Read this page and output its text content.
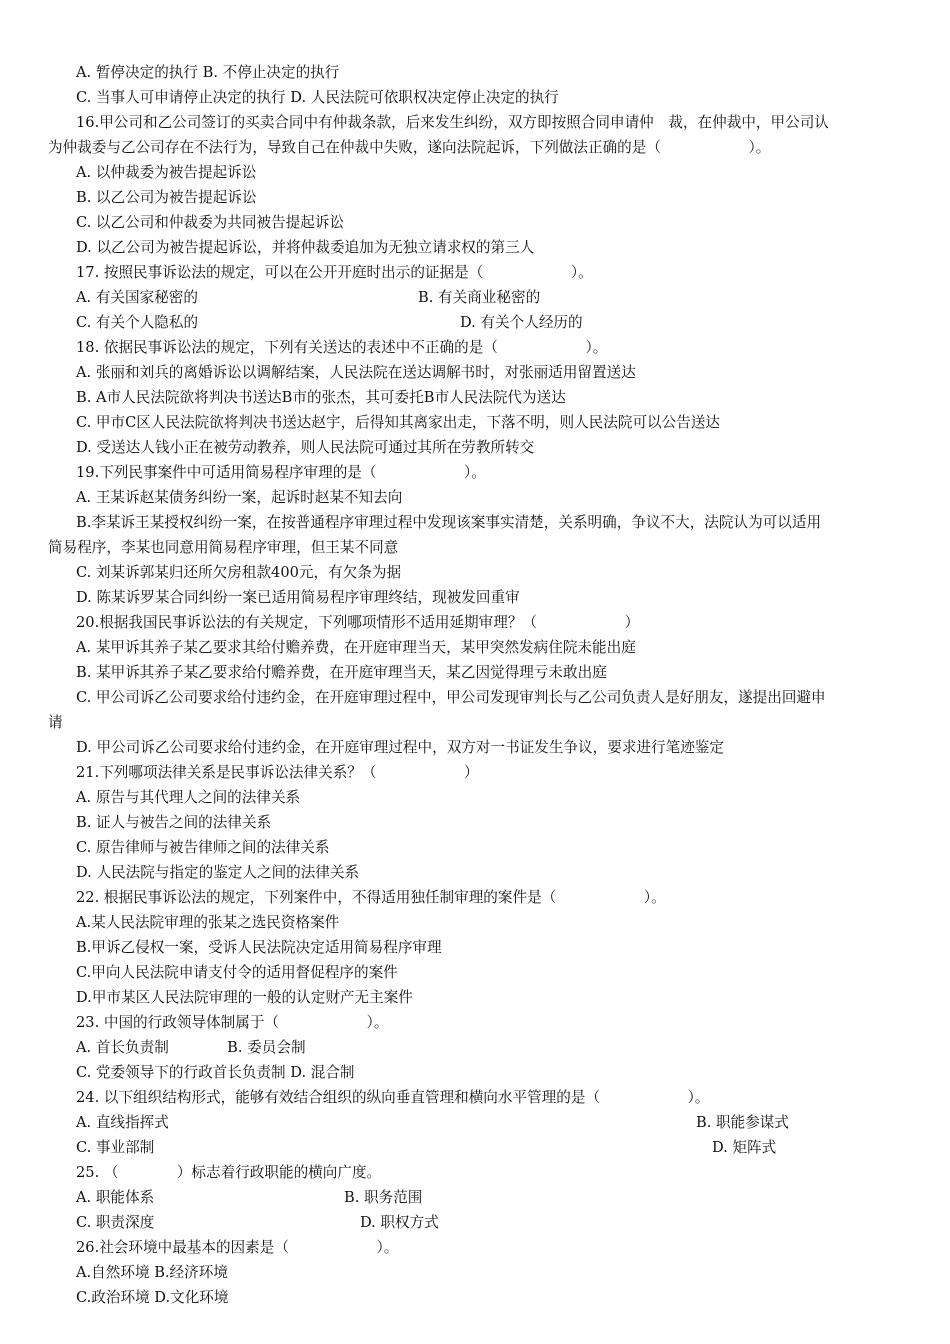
A. 暂停决定的执行 B. 不停止决定的执行
C. 当事人可申请停止决定的执行 D. 人民法院可依职权决定停止决定的执行
16.甲公司和乙公司签订的买卖合同中有仲裁条款，后来发生纠纷，双方即按照合同申请仲　裁，在仲裁中，甲公司认
为仲裁委与乙公司存在不法行为，导致自己在仲裁中失败，遂向法院起诉，下列做法正确的是（　　　　　　）。
A. 以仲裁委为被告提起诉讼
B. 以乙公司为被告提起诉讼
C. 以乙公司和仲裁委为共同被告提起诉讼
D. 以乙公司为被告提起诉讼，并将仲裁委追加为无独立请求权的第三人
17. 按照民事诉讼法的规定，可以在公开开庭时出示的证据是（　　　　　　）。
A. 有关国家秘密的	B. 有关商业秘密的
C. 有关个人隐私的	D. 有关个人经历的
18. 依据民事诉讼法的规定，下列有关送达的表述中不正确的是（　　　　　　）。
A. 张丽和刘兵的离婚诉讼以调解结案，人民法院在送达调解书时，对张丽适用留置送达
B. A市人民法院欲将判决书送达B市的张杰，其可委托B市人民法院代为送达
C. 甲市C区人民法院欲将判决书送达赵宇，后得知其离家出走，下落不明，则人民法院可以公告送达
D. 受送达人钱小正在被劳动教养，则人民法院可通过其所在劳教所转交
19.下列民事案件中可适用简易程序审理的是（　　　　　　）。
A. 王某诉赵某债务纠纷一案，起诉时赵某不知去向
B.李某诉王某授权纠纷一案，在按普通程序审理过程中发现该案事实清楚，关系明确，争议不大，法院认为可以适用
简易程序，李某也同意用简易程序审理，但王某不同意
C. 刘某诉郭某归还所欠房租款400元，有欠条为据
D. 陈某诉罗某合同纠纷一案已适用简易程序审理终结，现被发回重审
20.根据我国民事诉讼法的有关规定，下列哪项情形不适用延期审理？（　　　　　　）
A. 某甲诉其养子某乙要求其给付赡养费，在开庭审理当天，某甲突然发病住院未能出庭
B. 某甲诉其养子某乙要求给付赡养费，在开庭审理当天，某乙因觉得理亏未敢出庭
C. 甲公司诉乙公司要求给付违约金，在开庭审理过程中，甲公司发现审判长与乙公司负责人是好朋友，遂提出回避申
请
D. 甲公司诉乙公司要求给付违约金，在开庭审理过程中，双方对一书证发生争议，要求进行笔迹鉴定
21.下列哪项法律关系是民事诉讼法律关系？（　　　　　　）
A. 原告与其代理人之间的法律关系
B. 证人与被告之间的法律关系
C. 原告律师与被告律师之间的法律关系
D. 人民法院与指定的鉴定人之间的法律关系
22. 根据民事诉讼法的规定，下列案件中，不得适用独任制审理的案件是（　　　　　　）。
A.某人民法院审理的张某之选民资格案件
B.甲诉乙侵权一案，受诉人民法院决定适用简易程序审理
C.甲向人民法院申请支付令的适用督促程序的案件
D.甲市某区人民法院审理的一般的认定财产无主案件
23. 中国的行政领导体制属于（　　　　　　）。
A. 首长负责制　　　　B. 委员会制
C. 党委领导下的行政首长负责制 D. 混合制
24. 以下组织结构形式，能够有效结合组织的纵向垂直管理和横向水平管理的是（　　　　　　）。
A. 直线指挥式	B. 职能参谋式
C. 事业部制	D. 矩阵式
25. （　　　　）标志着行政职能的横向广度。
A. 职能体系	B. 职务范围
C. 职责深度	D. 职权方式
26.社会环境中最基本的因素是（　　　　　　）。
A.自然环境 B.经济环境
C.政治环境 D.文化环境
